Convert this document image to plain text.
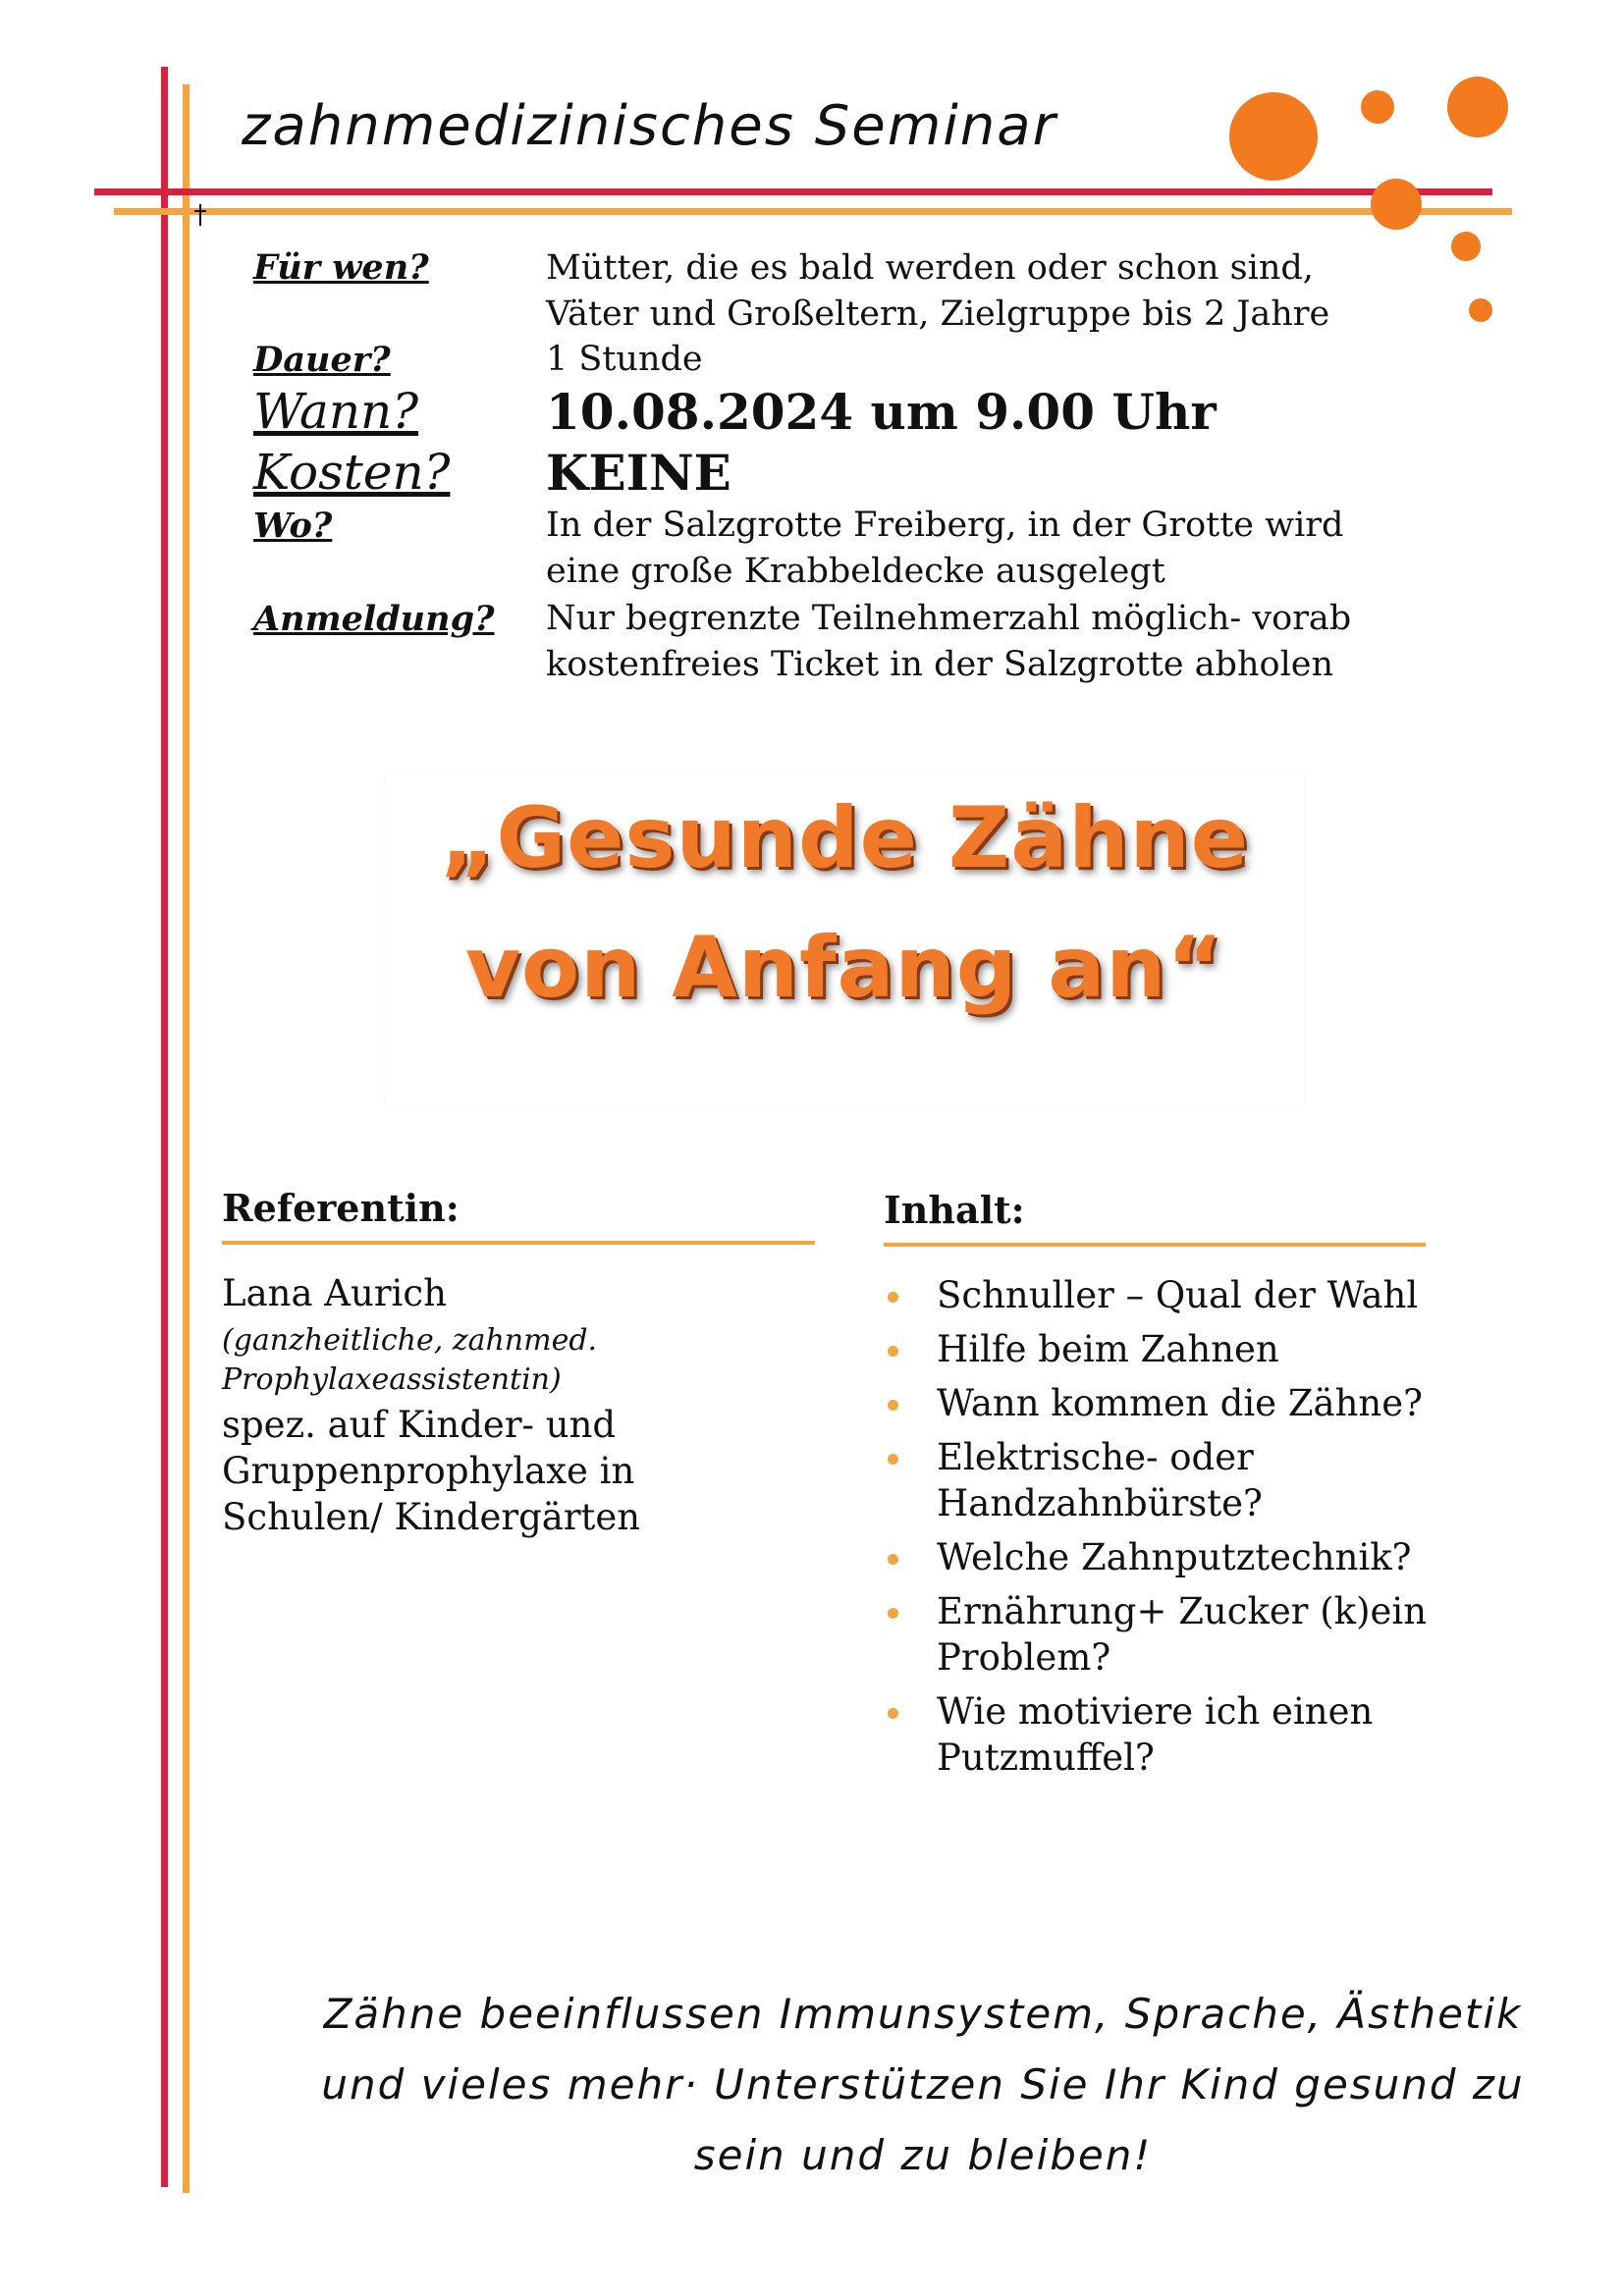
zahnmedizinisches Seminar
Für wen?	Mütter, die es bald werden oder schon sind,
Väter und Großeltern, Zielgruppe bis 2 Jahre
Dauer?	1 Stunde
Wann?	10.08.2024 um 9.00 Uhr
Kosten? KEINE
Wo?	In der Salzgrotte Freiberg, in der Grotte wird
eine große Krabbeldecke ausgelegt
Anmeldung? Nur begrenzte Teilnehmerzahl möglich- vorab
kostenfreies Ticket in der Salzgrotte abholen
„Gesunde Zähne
von Anfang an“
Referentin:
Lana Aurich
(ganzheitliche, zahnmed. Prophylaxeassistentin)
spez. auf Kinder- und Gruppenprophylaxe in Schulen/ Kindergärten
Inhalt:
Schnuller – Qual der Wahl
Hilfe beim Zahnen
Wann kommen die Zähne?
Elektrische- oder Handzahnbürste?
Welche Zahnputztechnik?
Ernährung+ Zucker (k)ein Problem?
Wie motiviere ich einen Putzmuffel?
Zähne beeinflussen Immunsystem, Sprache, Ästhetik und vieles mehr· Unterstützen Sie Ihr Kind gesund zu sein und zu bleiben!
